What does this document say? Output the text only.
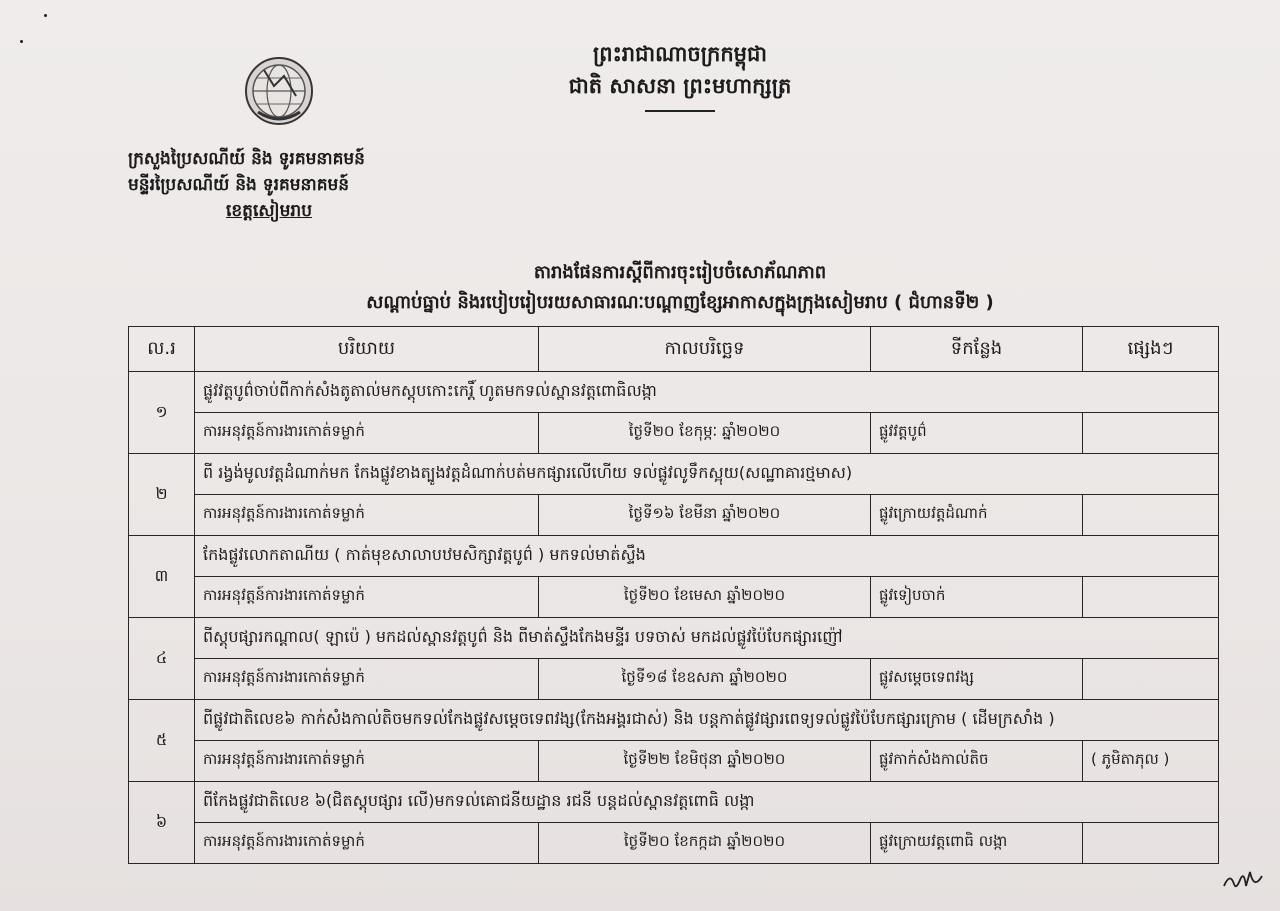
ព្រះរាជាណាចក្រកម្ពុជា
ជាតិ សាសនា ព្រះមហាក្សត្រ
ក្រសួងប្រៃសណីយ៍ និង ទូរគមនាគមន៍
មន្ទីរប្រៃសណីយ៍ និង ទូរគមនាគមន៍
ខេត្តសៀមរាប
តារាងផែនការស្តីពីការចុះរៀបចំសោភ័ណភាព
សណ្តាប់ធ្នាប់ និងរបៀបរៀបរយសាធារណៈបណ្តាញខ្សែអាកាសក្នុងក្រុងសៀមរាប ( ជំហានទី២ )
ល.រ	បរិយាយ	កាលបរិច្ឆេទ	ទីកន្លែង	ផ្សេងៗ
១	ផ្លូវវត្តបូព៌ចាប់ពីកាក់សំងតូតាល់មកស្តុបកោះកេរ្តិ៍ ហូតមកទល់ស្ពានវត្តពោធិលង្កា			
	ការអនុវត្តន៍ការងារកោត់ទម្លាក់	ថ្ងៃទី២០ ខែកុម្ភៈ ឆ្នាំ២០២០	ផ្លូវវត្តបូព៌	
២	ពី រង្វង់មូលវត្តដំណាក់មក កែងផ្លូវខាងត្បូងវត្តដំណាក់បត់មកផ្សារលើហើយ ទល់ផ្លូវលូទឹកស្អុយ(សណ្ឋាគារថ្មមាស)			
	ការអនុវត្តន៍ការងារកោត់ទម្លាក់	ថ្ងៃទី១៦ ខែមីនា ឆ្នាំ២០២០	ផ្លូវក្រោយវត្តដំណាក់	
៣	កែងផ្លូវលោកតាណីយ ( កាត់មុខសាលាបឋមសិក្សាវត្តបូព៌ ) មកទល់មាត់ស្ទឹង			
	ការអនុវត្តន៍ការងារកោត់ទម្លាក់	ថ្ងៃទី២០ ខែមេសា ឆ្នាំ២០២០	ផ្លូវទៀបចាក់	
៤	ពីស្តុបផ្សារកណ្តាល( ឡាប៉េ ) មកដល់ស្ពានវត្តបូព៌ និង ពីមាត់ស្ទឹងកែងមន្ទីរ បទចាស់ មកដល់ផ្លូវប៉ៃបែកផ្សារញ៉ៅ			
	ការអនុវត្តន៍ការងារកោត់ទម្លាក់	ថ្ងៃទី១៨ ខែឧសភា ឆ្នាំ២០២០	ផ្លូវសម្តេចទេពវង្ស	
៥	ពីផ្លូវជាតិលេខ៦ កាក់សំងកាល់តិចមកទល់កែងផ្លូវសម្តេចទេពវង្ស(កែងអង្គរជាស់) និង បន្តកាត់ផ្លូវផ្សារពេទ្យទល់ផ្លូវប៉ៃបែកផ្សារក្រោម ( ដើមក្រសាំង )			
	ការអនុវត្តន៍ការងារកោត់ទម្លាក់	ថ្ងៃទី២២ ខែមិថុនា ឆ្នាំ២០២០	ផ្លូវកាក់សំងកាល់តិច	( ភូមិតាភុល )
៦	ពីកែងផ្លូវជាតិលេខ ៦(ជិតស្តុបផ្សារ លើ)មកទល់គោជនីយដ្ឋាន រជនី បន្តដល់ស្ពានវត្តពោធិ លង្កា			
	ការអនុវត្តន៍ការងារកោត់ទម្លាក់	ថ្ងៃទី២០ ខែកក្កដា ឆ្នាំ២០២០	ផ្លូវក្រោយវត្តពោធិ លង្កា	
